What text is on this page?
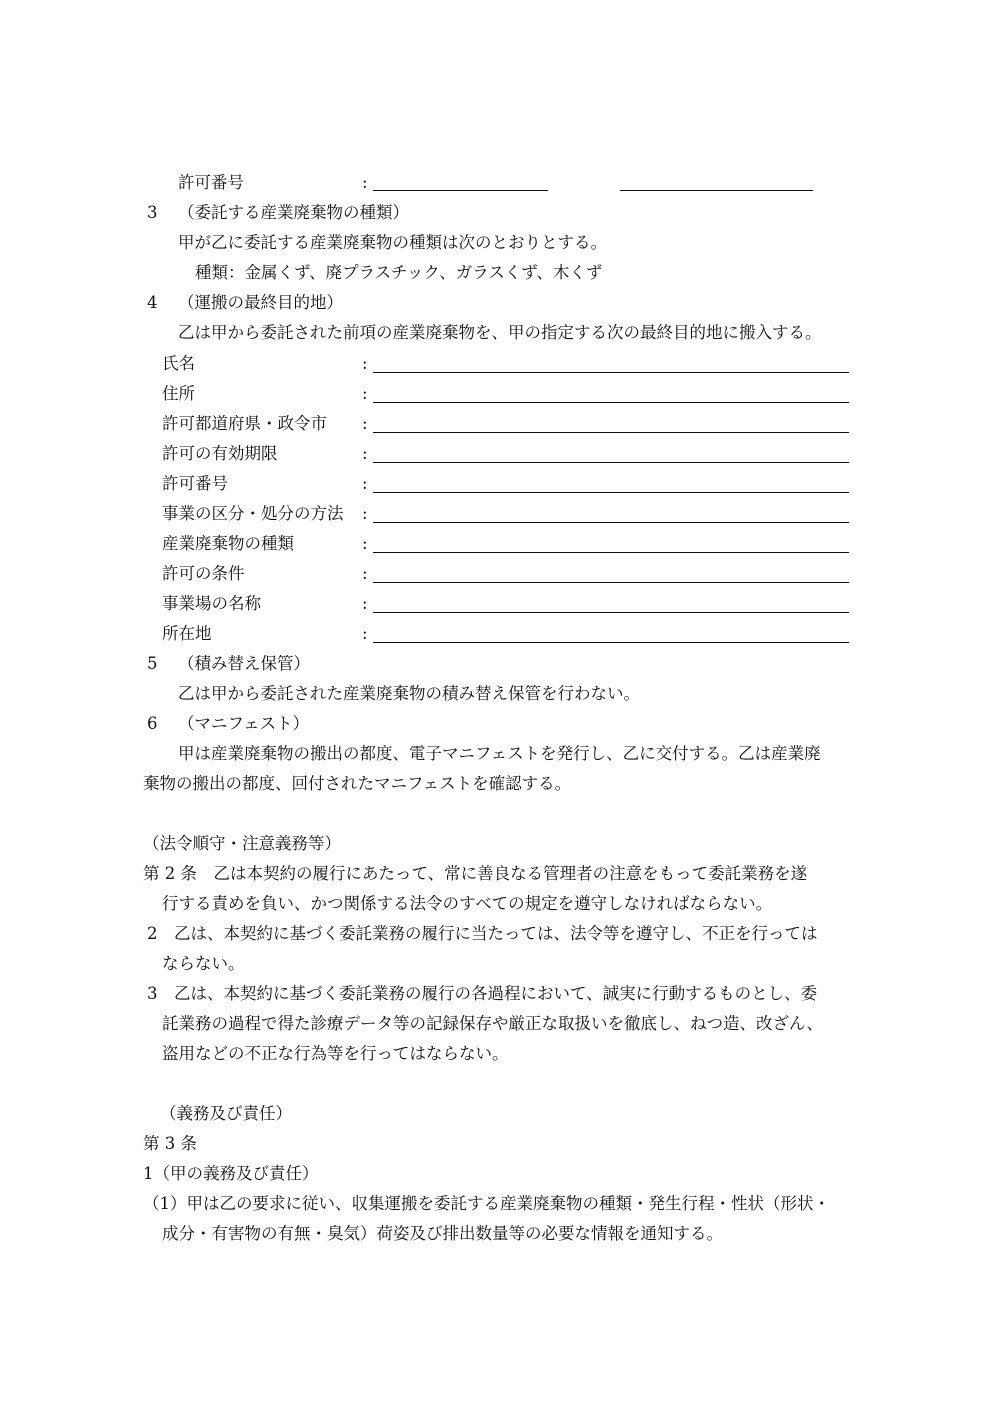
許可番号	:
3 （委託する産業廃棄物の種類）
甲が乙に委託する産業廃棄物の種類は次のとおりとする。
種類：金属くず、廃プラスチック、ガラスくず、木くず
4 （運搬の最終目的地）
乙は甲から委託された前項の産業廃棄物を、甲の指定する次の最終目的地に搬入する。
氏名	:
住所	:
許可都道府県・政令市 :
許可の有効期限	:
許可番号	:
事業の区分・処分の方法 :
産業廃棄物の種類	:
許可の条件	:
事業場の名称	:
所在地	:
5 （積み替え保管）
乙は甲から委託された産業廃棄物の積み替え保管を行わない。
6 （マニフェスト）
甲は産業廃棄物の搬出の都度、電子マニフェストを発行し、乙に交付する。乙は産業廃
棄物の搬出の都度、回付されたマニフェストを確認する。
（法令順守・注意義務等）
第 2 条　乙は本契約の履行にあたって、常に善良なる管理者の注意をもって委託業務を遂
行する責めを負い、かつ関係する法令のすべての規定を遵守しなければならない。
2　乙は、本契約に基づく委託業務の履行に当たっては、法令等を遵守し、不正を行っては
ならない。
3　乙は、本契約に基づく委託業務の履行の各過程において、誠実に行動するものとし、委
託業務の過程で得た診療データ等の記録保存や厳正な取扱いを徹底し、ねつ造、改ざん、
盗用などの不正な行為等を行ってはならない。
（義務及び責任）
第 3 条
1（甲の義務及び責任）
（1）甲は乙の要求に従い、収集運搬を委託する産業廃棄物の種類・発生行程・性状（形状・
成分・有害物の有無・臭気）荷姿及び排出数量等の必要な情報を通知する。
